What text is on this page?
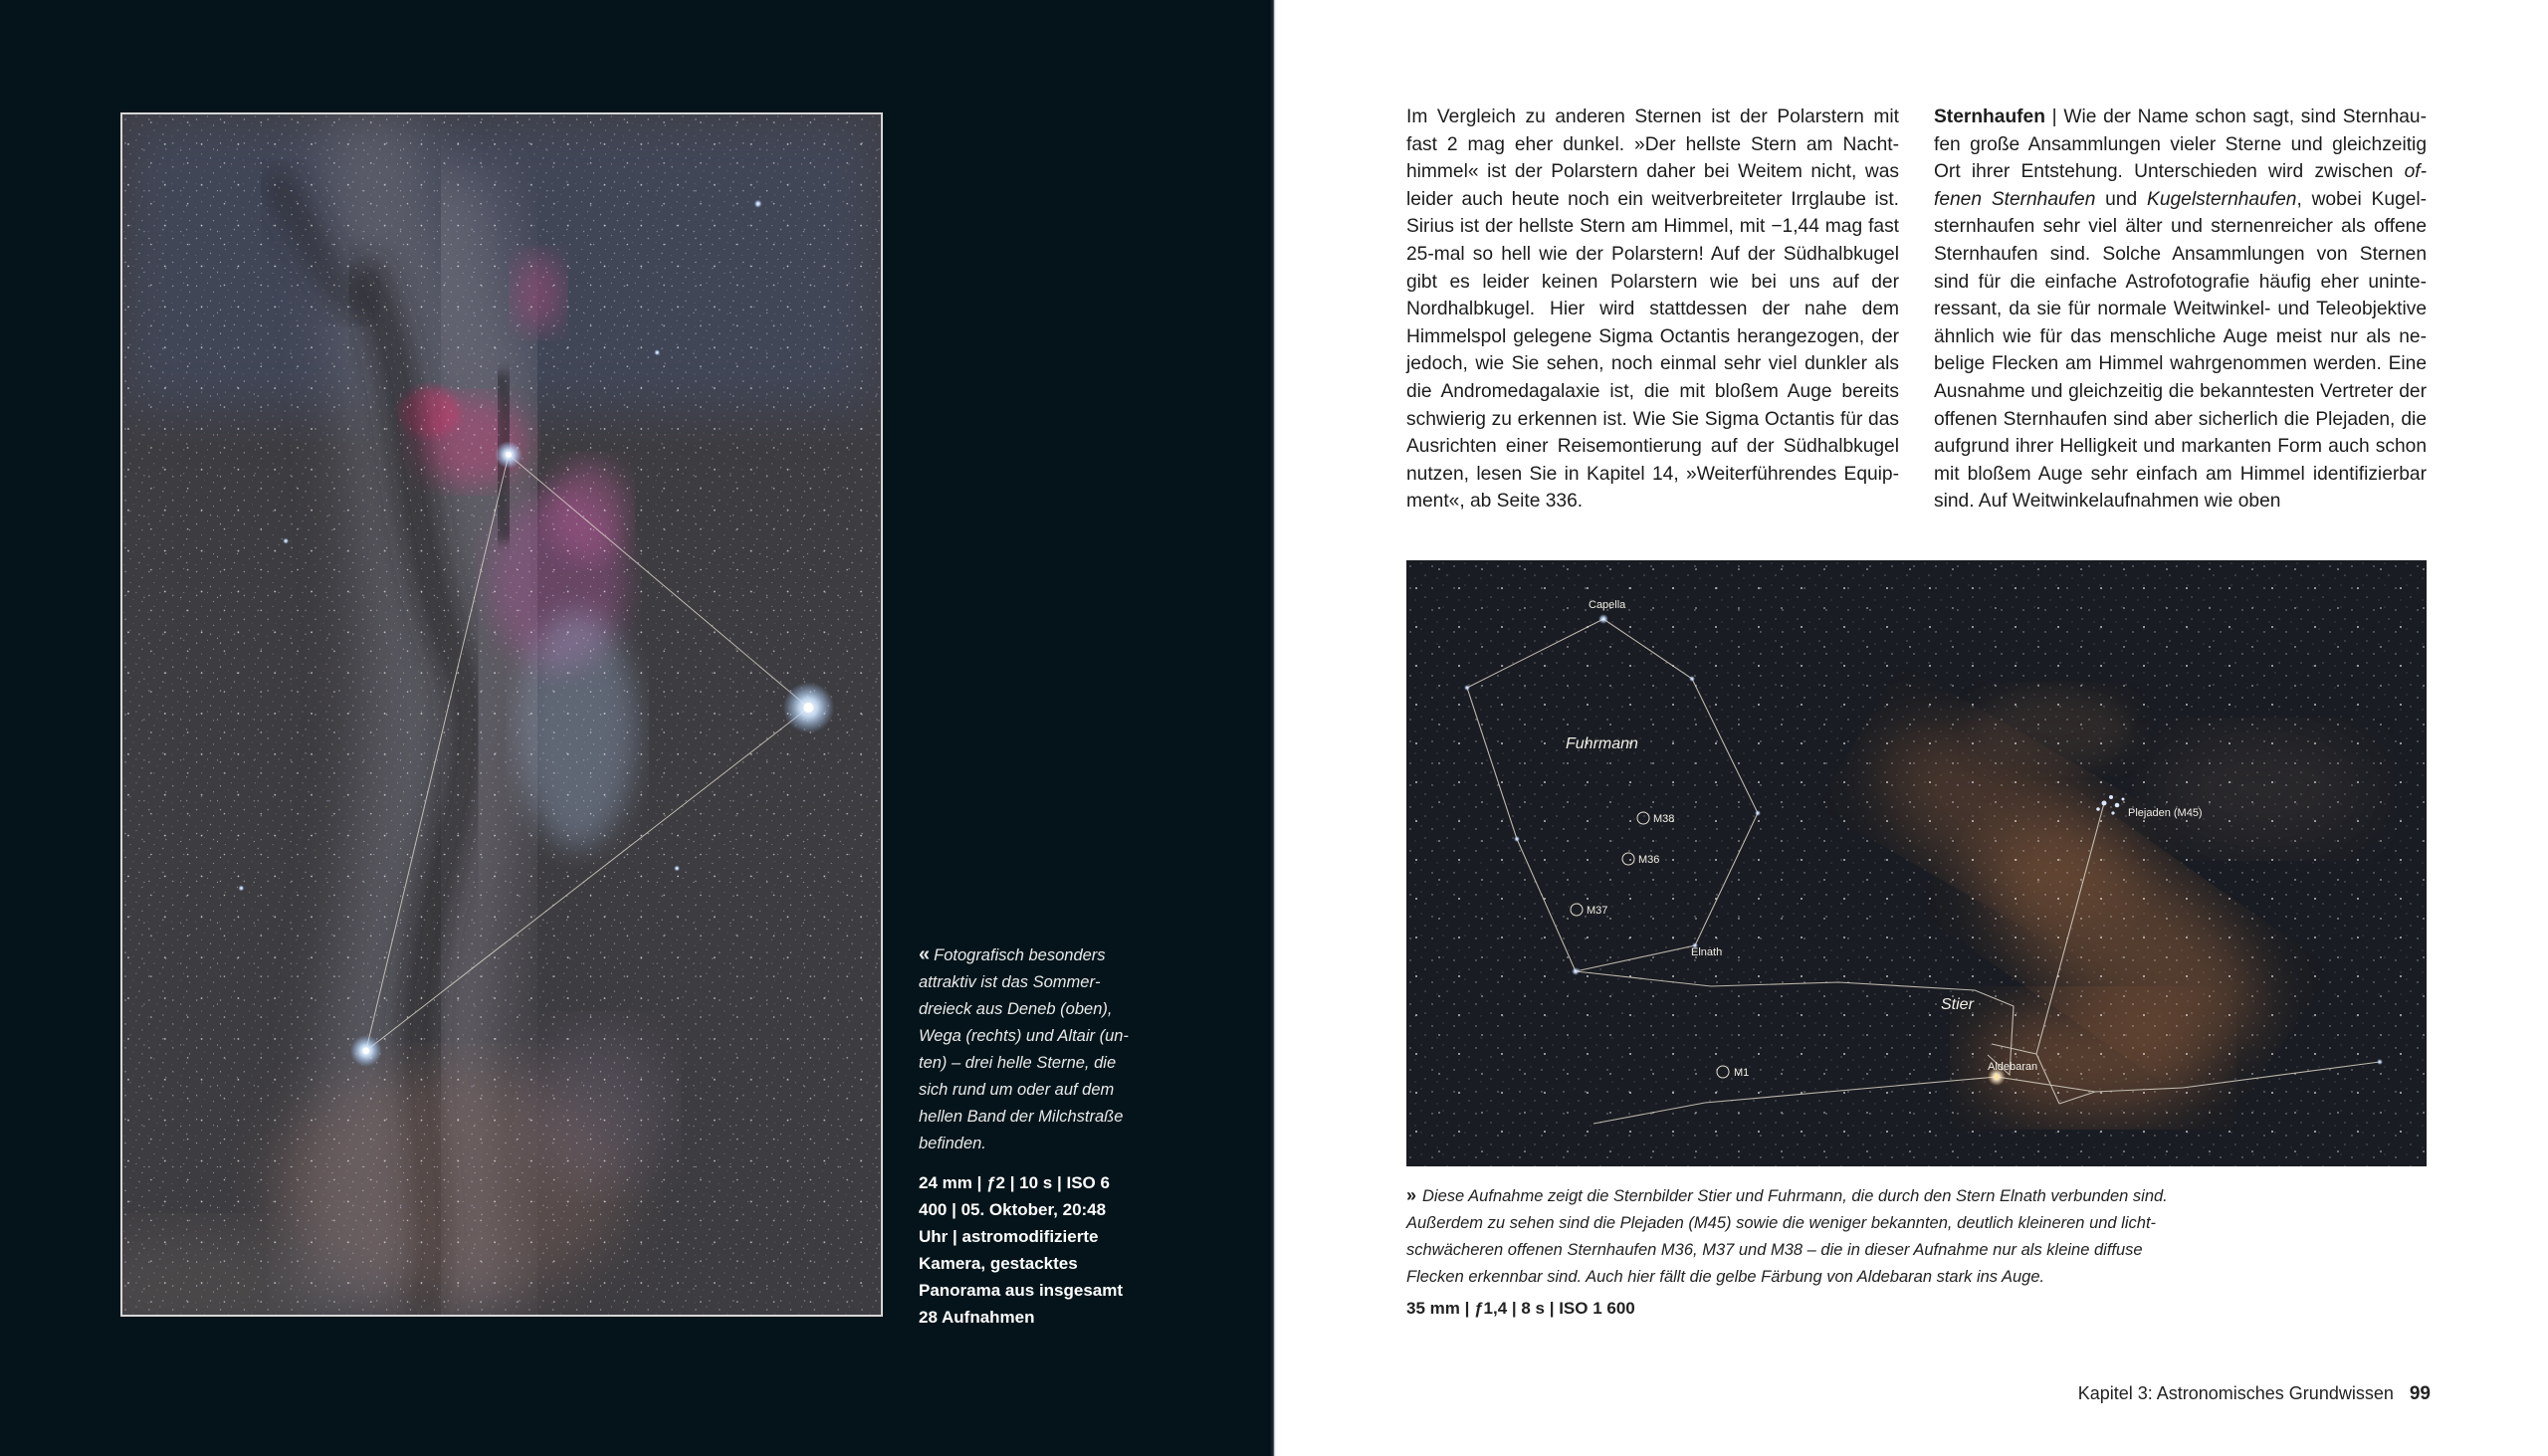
« Fotografisch besonders attraktiv ist das Sommerdreieck aus Deneb (oben), Wega (rechts) und Altair (unten) – drei helle Sterne, die sich rund um oder auf dem hellen Band der Milchstraße befinden.

24 mm | ƒ2 | 10 s | ISO 6 400 | 05. Oktober, 20:48 Uhr | astromodifizierte Kamera, gestacktes Panorama aus insgesamt 28 Aufnahmen

Im Vergleich zu anderen Sternen ist der Polarstern mit fast 2 mag eher dunkel. »Der hellste Stern am Nachthimmel« ist der Polarstern daher bei Weitem nicht, was leider auch heute noch ein weitverbreiteter Irrglaube ist. Sirius ist der hellste Stern am Himmel, mit −1,44 mag fast 25-mal so hell wie der Polarstern! Auf der Südhalbkugel gibt es leider keinen Polarstern wie bei uns auf der Nordhalbkugel. Hier wird stattdessen der nahe dem Himmelspol gelegene Sigma Octantis herangezogen, der jedoch, wie Sie sehen, noch einmal sehr viel dunkler als die Andromedagalaxie ist, die mit bloßem Auge bereits schwierig zu erkennen ist. Wie Sie Sigma Octantis für das Ausrichten einer Reisemontierung auf der Südhalbkugel nutzen, lesen Sie in Kapitel 14, »Weiterführendes Equipment«, ab Seite 336.

Sternhaufen | Wie der Name schon sagt, sind Sternhaufen große Ansammlungen vieler Sterne und gleichzeitig Ort ihrer Entstehung. Unterschieden wird zwischen offenen Sternhaufen und Kugelsternhaufen, wobei Kugelsternhaufen sehr viel älter und sternenreicher als offene Sternhaufen sind. Solche Ansammlungen von Sternen sind für die einfache Astrofotografie häufig eher uninteressant, da sie für normale Weitwinkel- und Teleobjektive ähnlich wie für das menschliche Auge meist nur als nebelige Flecken am Himmel wahrgenommen werden. Eine Ausnahme und gleichzeitig die bekanntesten Vertreter der offenen Sternhaufen sind aber sicherlich die Plejaden, die aufgrund ihrer Helligkeit und markanten Form auch schon mit bloßem Auge sehr einfach am Himmel identifizierbar sind. Auf Weitwinkelaufnahmen wie oben

Capella
Fuhrmann
M38
M36
M37
Elnath
Plejaden (M45)
Stier
Aldebaran
M1

» Diese Aufnahme zeigt die Sternbilder Stier und Fuhrmann, die durch den Stern Elnath verbunden sind. Außerdem zu sehen sind die Plejaden (M45) sowie die weniger bekannten, deutlich kleineren und lichtschwächeren offenen Sternhaufen M36, M37 und M38 – die in dieser Aufnahme nur als kleine diffuse Flecken erkennbar sind. Auch hier fällt die gelbe Färbung von Aldebaran stark ins Auge.

35 mm | ƒ1,4 | 8 s | ISO 1 600
Kapitel 3: Astronomisches Grundwissen 99
